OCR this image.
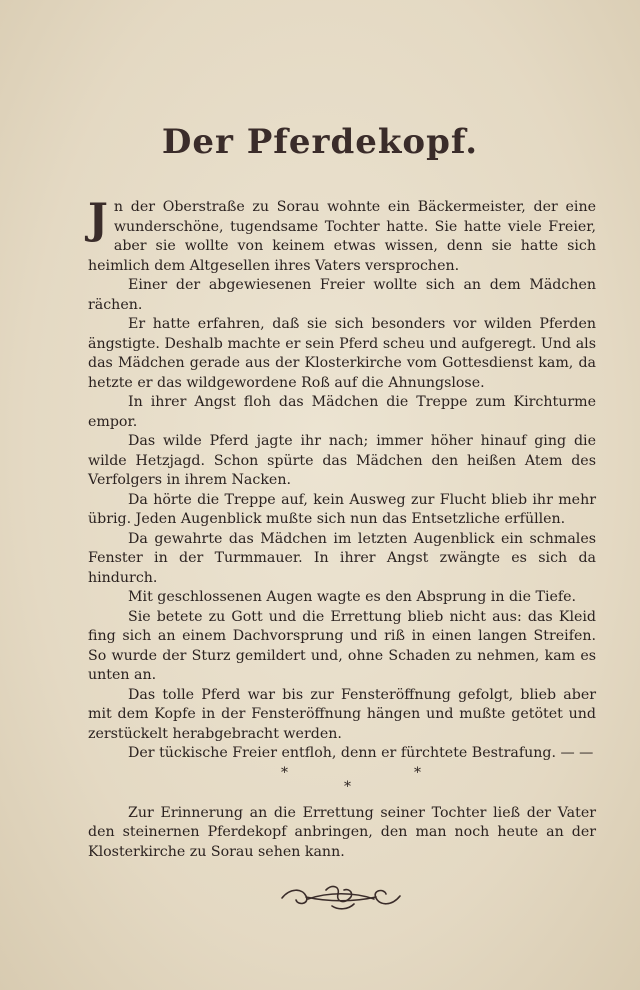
Der Pferdekopf.

Jn der Oberstraße zu Sorau wohnte ein Bäckermeister, der eine wunderschöne, tugendsame Tochter hatte. Sie hatte viele Freier, aber sie wollte von keinem etwas wissen, denn sie hatte sich heimlich dem Altgesellen ihres Vaters versprochen.

Einer der abgewiesenen Freier wollte sich an dem Mädchen rächen.

Er hatte erfahren, daß sie sich besonders vor wilden Pferden ängstigte. Deshalb machte er sein Pferd scheu und aufgeregt. Und als das Mädchen gerade aus der Klosterkirche vom Gottesdienst kam, da hetzte er das wildgewordene Roß auf die Ahnungslose.

In ihrer Angst floh das Mädchen die Treppe zum Kirchturme empor.

Das wilde Pferd jagte ihr nach; immer höher hinauf ging die wilde Hetzjagd. Schon spürte das Mädchen den heißen Atem des Verfolgers in ihrem Nacken.

Da hörte die Treppe auf, kein Ausweg zur Flucht blieb ihr mehr übrig. Jeden Augenblick mußte sich nun das Entsetzliche erfüllen.

Da gewahrte das Mädchen im letzten Augenblick ein schmales Fenster in der Turmmauer. In ihrer Angst zwängte es sich da hindurch.

Mit geschlossenen Augen wagte es den Absprung in die Tiefe.

Sie betete zu Gott und die Errettung blieb nicht aus: das Kleid fing sich an einem Dachvorsprung und riß in einen langen Streifen. So wurde der Sturz gemildert und, ohne Schaden zu nehmen, kam es unten an.

Das tolle Pferd war bis zur Fensteröffnung gefolgt, blieb aber mit dem Kopfe in der Fensteröffnung hängen und mußte getötet und zerstückelt herabgebracht werden.

Der tückische Freier entfloh, denn er fürchtete Bestrafung. — —

*	*
*

Zur Erinnerung an die Errettung seiner Tochter ließ der Vater den steinernen Pferdekopf anbringen, den man noch heute an der Klosterkirche zu Sorau sehen kann.
